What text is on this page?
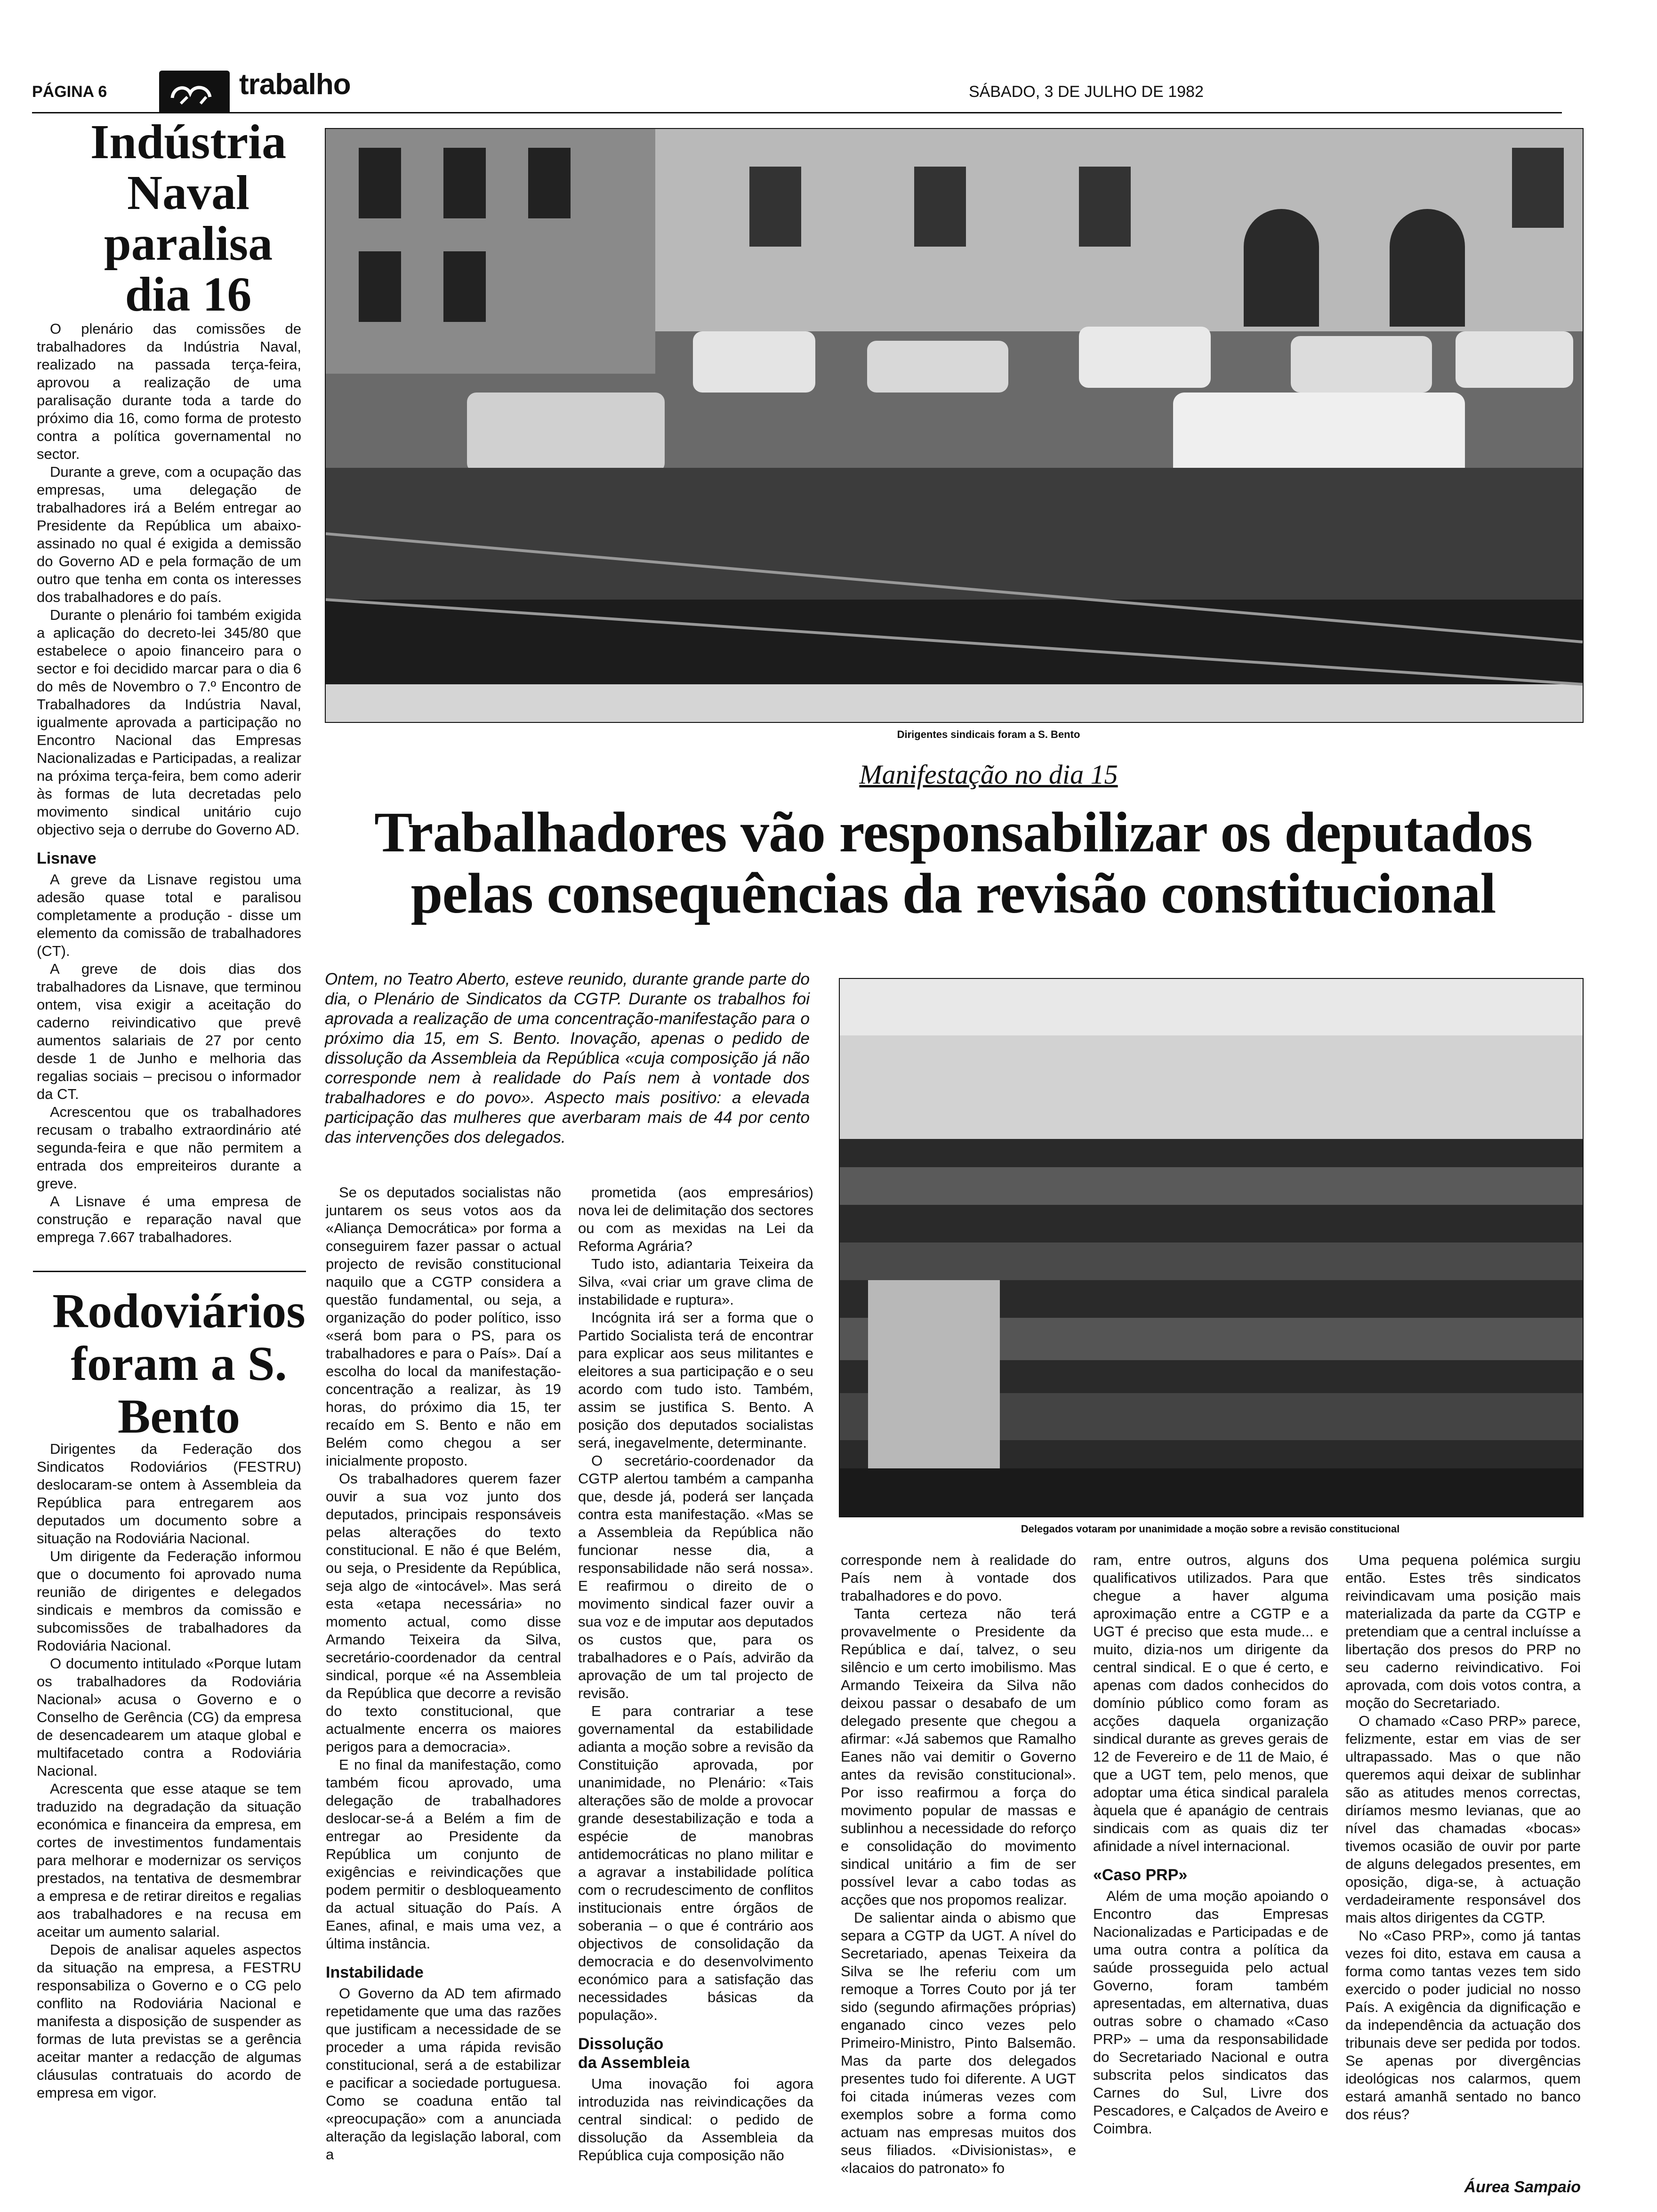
PÁGINA 6	trabalho	SÁBADO, 3 DE JULHO DE 1982
Indústria Naval paralisa dia 16

O plenário das comissões de trabalhadores da Indústria Naval, realizado na passada terça-feira, aprovou a realização de uma paralisação durante toda a tarde do próximo dia 16, como forma de protesto contra a política governamental no sector.

Durante a greve, com a ocupação das empresas, uma delegação de trabalhadores irá a Belém entregar ao Presidente da República um abaixo-assinado no qual é exigida a demissão do Governo AD e pela formação de um outro que tenha em conta os interesses dos trabalhadores e do país.

Durante o plenário foi também exigida a aplicação do decreto-lei 345/80 que estabelece o apoio financeiro para o sector e foi decidido marcar para o dia 6 do mês de Novembro o 7.º Encontro de Trabalhadores da Indústria Naval, igualmente aprovada a participação no Encontro Nacional das Empresas Nacionalizadas e Participadas, a realizar na próxima terça-feira, bem como aderir às formas de luta decretadas pelo movimento sindical unitário cujo objectivo seja o derrube do Governo AD.

Lisnave

A greve da Lisnave registou uma adesão quase total e paralisou completamente a produção - disse um elemento da comissão de trabalhadores (CT).

A greve de dois dias dos trabalhadores da Lisnave, que terminou ontem, visa exigir a aceitação do caderno reivindicativo que prevê aumentos salariais de 27 por cento desde 1 de Junho e melhoria das regalias sociais – precisou o informador da CT.

Acrescentou que os trabalhadores recusam o trabalho extraordinário até segunda-feira e que não permitem a entrada dos empreiteiros durante a greve.

A Lisnave é uma empresa de construção e reparação naval que emprega 7.667 trabalhadores.

Rodoviários foram a S. Bento

Dirigentes da Federação dos Sindicatos Rodoviários (FESTRU) deslocaram-se ontem à Assembleia da República para entregarem aos deputados um documento sobre a situação na Rodoviária Nacional.

Um dirigente da Federação informou que o documento foi aprovado numa reunião de dirigentes e delegados sindicais e membros da comissão e subcomissões de trabalhadores da Rodoviária Nacional.

O documento intitulado «Porque lutam os trabalhadores da Rodoviária Nacional» acusa o Governo e o Conselho de Gerência (CG) da empresa de desencadearem um ataque global e multifacetado contra a Rodoviária Nacional.

Acrescenta que esse ataque se tem traduzido na degradação da situação económica e financeira da empresa, em cortes de investimentos fundamentais para melhorar e modernizar os serviços prestados, na tentativa de desmembrar a empresa e de retirar direitos e regalias aos trabalhadores e na recusa em aceitar um aumento salarial.

Depois de analisar aqueles aspectos da situação na empresa, a FESTRU responsabiliza o Governo e o CG pelo conflito na Rodoviária Nacional e manifesta a disposição de suspender as formas de luta previstas se a gerência aceitar manter a redacção de algumas cláusulas contratuais do acordo de empresa em vigor.

Dirigentes sindicais foram a S. Bento
Manifestação no dia 15
Trabalhadores vão responsabilizar os deputados
pelas consequências da revisão constitucional
Ontem, no Teatro Aberto, esteve reunido, durante grande parte do dia, o Plenário de Sindicatos da CGTP. Durante os trabalhos foi aprovada a realização de uma concentração-manifestação para o próximo dia 15, em S. Bento. Inovação, apenas o pedido de dissolução da Assembleia da República «cuja composição já não corresponde nem à realidade do País nem à vontade dos trabalhadores e do povo». Aspecto mais positivo: a elevada participação das mulheres que averbaram mais de 44 por cento das intervenções dos delegados.
Delegados votaram por unanimidade a moção sobre a revisão constitucional

Se os deputados socialistas não juntarem os seus votos aos da «Aliança Democrática» por forma a conseguirem fazer passar o actual projecto de revisão constitucional naquilo que a CGTP considera a questão fundamental, ou seja, a organização do poder político, isso «será bom para o PS, para os trabalhadores e para o País». Daí a escolha do local da manifestação-concentração a realizar, às 19 horas, do próximo dia 15, ter recaído em S. Bento e não em Belém como chegou a ser inicialmente proposto.

Os trabalhadores querem fazer ouvir a sua voz junto dos deputados, principais responsáveis pelas alterações do texto constitucional. E não é que Belém, ou seja, o Presidente da República, seja algo de «intocável». Mas será esta «etapa necessária» no momento actual, como disse Armando Teixeira da Silva, secretário-coordenador da central sindical, porque «é na Assembleia da República que decorre a revisão do texto constitucional, que actualmente encerra os maiores perigos para a democracia».

E no final da manifestação, como também ficou aprovado, uma delegação de trabalhadores deslocar-se-á a Belém a fim de entregar ao Presidente da República um conjunto de exigências e reivindicações que podem permitir o desbloqueamento da actual situação do País. A Eanes, afinal, e mais uma vez, a última instância.

Instabilidade

O Governo da AD tem afirmado repetidamente que uma das razões que justificam a necessidade de se proceder a uma rápida revisão constitucional, será a de estabilizar e pacificar a sociedade portuguesa. Como se coaduna então tal «preocupação» com a anunciada alteração da legislação laboral, com a

prometida (aos empresários) nova lei de delimitação dos sectores ou com as mexidas na Lei da Reforma Agrária?

Tudo isto, adiantaria Teixeira da Silva, «vai criar um grave clima de instabilidade e ruptura».

Incógnita irá ser a forma que o Partido Socialista terá de encontrar para explicar aos seus militantes e eleitores a sua participação e o seu acordo com tudo isto. Também, assim se justifica S. Bento. A posição dos deputados socialistas será, inegavelmente, determinante.

O secretário-coordenador da CGTP alertou também a campanha que, desde já, poderá ser lançada contra esta manifestação. «Mas se a Assembleia da República não funcionar nesse dia, a responsabilidade não será nossa». E reafirmou o direito de o movimento sindical fazer ouvir a sua voz e de imputar aos deputados os custos que, para os trabalhadores e o País, advirão da aprovação de um tal projecto de revisão.

E para contrariar a tese governamental da estabilidade adianta a moção sobre a revisão da Constituição aprovada, por unanimidade, no Plenário: «Tais alterações são de molde a provocar grande desestabilização e toda a espécie de manobras antidemocráticas no plano militar e a agravar a instabilidade política com o recrudescimento de conflitos institucionais entre órgãos de soberania – o que é contrário aos objectivos de consolidação da democracia e do desenvolvimento económico para a satisfação das necessidades básicas da população».

Dissolução
da Assembleia

Uma inovação foi agora introduzida nas reivindicações da central sindical: o pedido de dissolução da Assembleia da República cuja composição não

corresponde nem à realidade do País nem à vontade dos trabalhadores e do povo.

Tanta certeza não terá provavelmente o Presidente da República e daí, talvez, o seu silêncio e um certo imobilismo. Mas Armando Teixeira da Silva não deixou passar o desabafo de um delegado presente que chegou a afirmar: «Já sabemos que Ramalho Eanes não vai demitir o Governo antes da revisão constitucional». Por isso reafirmou a força do movimento popular de massas e sublinhou a necessidade do reforço e consolidação do movimento sindical unitário a fim de ser possível levar a cabo todas as acções que nos propomos realizar.

De salientar ainda o abismo que separa a CGTP da UGT. A nível do Secretariado, apenas Teixeira da Silva se lhe referiu com um remoque a Torres Couto por já ter sido (segundo afirmações próprias) enganado cinco vezes pelo Primeiro-Ministro, Pinto Balsemão. Mas da parte dos delegados presentes tudo foi diferente. A UGT foi citada inúmeras vezes com exemplos sobre a forma como actuam nas empresas muitos dos seus filiados. «Divisionistas», e «lacaios do patronato» fo

ram, entre outros, alguns dos qualificativos utilizados. Para que chegue a haver alguma aproximação entre a CGTP e a UGT é preciso que esta mude... e muito, dizia-nos um dirigente da central sindical. E o que é certo, e apenas com dados conhecidos do domínio público como foram as acções daquela organização sindical durante as greves gerais de 12 de Fevereiro e de 11 de Maio, é que a UGT tem, pelo menos, que adoptar uma ética sindical paralela àquela que é apanágio de centrais sindicais com as quais diz ter afinidade a nível internacional.

«Caso PRP»

Além de uma moção apoiando o Encontro das Empresas Nacionalizadas e Participadas e de uma outra contra a política da saúde prosseguida pelo actual Governo, foram também apresentadas, em alternativa, duas outras sobre o chamado «Caso PRP» – uma da responsabilidade do Secretariado Nacional e outra subscrita pelos sindicatos das Carnes do Sul, Livre dos Pescadores, e Calçados de Aveiro e Coimbra.

Uma pequena polémica surgiu então. Estes três sindicatos reivindicavam uma posição mais materializada da parte da CGTP e pretendiam que a central incluísse a libertação dos presos do PRP no seu caderno reivindicativo. Foi aprovada, com dois votos contra, a moção do Secretariado.

O chamado «Caso PRP» parece, felizmente, estar em vias de ser ultrapassado. Mas o que não queremos aqui deixar de sublinhar são as atitudes menos correctas, diríamos mesmo levianas, que ao nível das chamadas «bocas» tivemos ocasião de ouvir por parte de alguns delegados presentes, em oposição, diga-se, à actuação verdadeiramente responsável dos mais altos dirigentes da CGTP.

No «Caso PRP», como já tantas vezes foi dito, estava em causa a forma como tantas vezes tem sido exercido o poder judicial no nosso País. A exigência da dignificação e da independência da actuação dos tribunais deve ser pedida por todos. Se apenas por divergências ideológicas nos calarmos, quem estará amanhã sentado no banco dos réus?

Áurea Sampaio
